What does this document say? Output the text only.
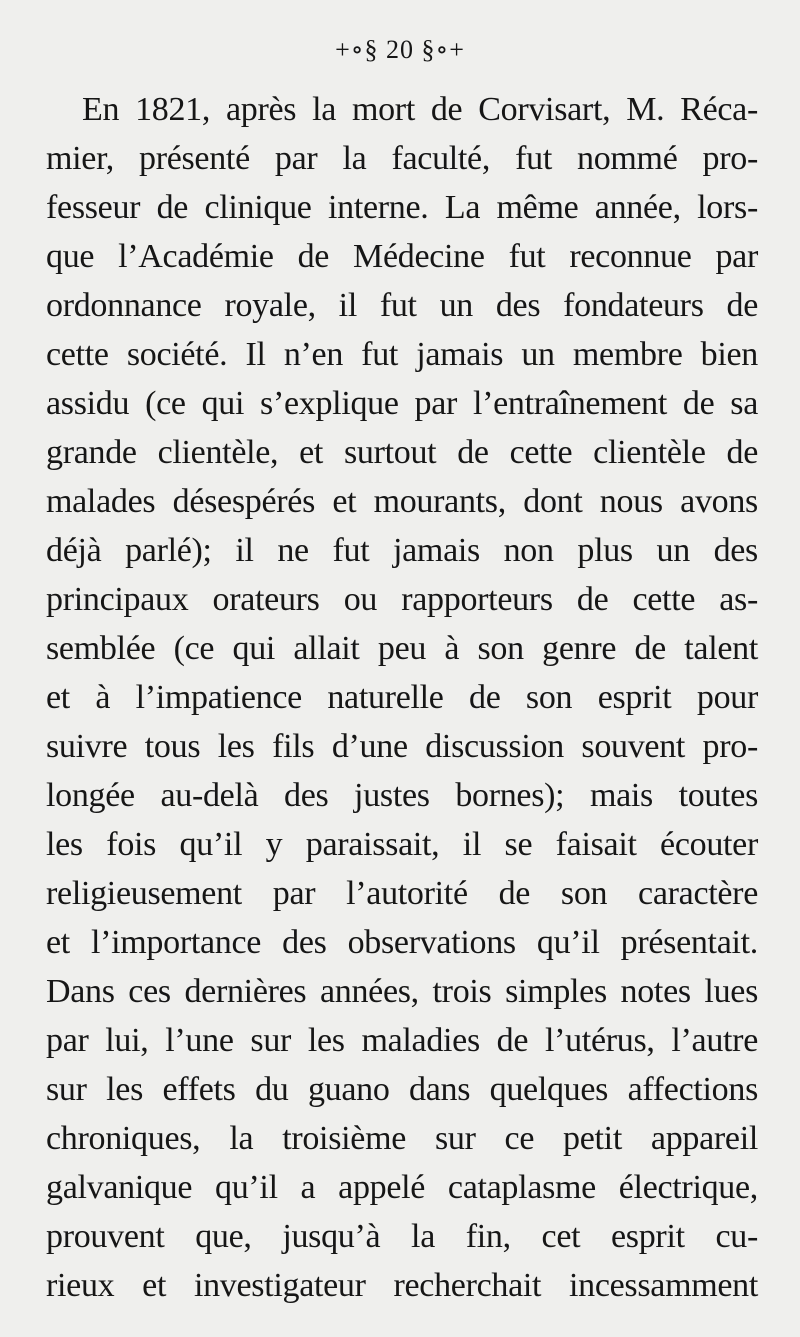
+∘§ 20 §∘+
En 1821, après la mort de Corvisart, M. Réca-
mier, présenté par la faculté, fut nommé pro-
fesseur de clinique interne. La même année, lors-
que l’Académie de Médecine fut reconnue par
ordonnance royale, il fut un des fondateurs de
cette société. Il n’en fut jamais un membre bien
assidu (ce qui s’explique par l’entraînement de sa
grande clientèle, et surtout de cette clientèle de
malades désespérés et mourants, dont nous avons
déjà parlé); il ne fut jamais non plus un des
principaux orateurs ou rapporteurs de cette as-
semblée (ce qui allait peu à son genre de talent
et à l’impatience naturelle de son esprit pour
suivre tous les fils d’une discussion souvent pro-
longée au-delà des justes bornes); mais toutes
les fois qu’il y paraissait, il se faisait écouter
religieusement par l’autorité de son caractère
et l’importance des observations qu’il présentait.
Dans ces dernières années, trois simples notes lues
par lui, l’une sur les maladies de l’utérus, l’autre
sur les effets du guano dans quelques affections
chroniques, la troisième sur ce petit appareil
galvanique qu’il a appelé cataplasme électrique,
prouvent que, jusqu’à la fin, cet esprit cu-
rieux et investigateur recherchait incessamment
